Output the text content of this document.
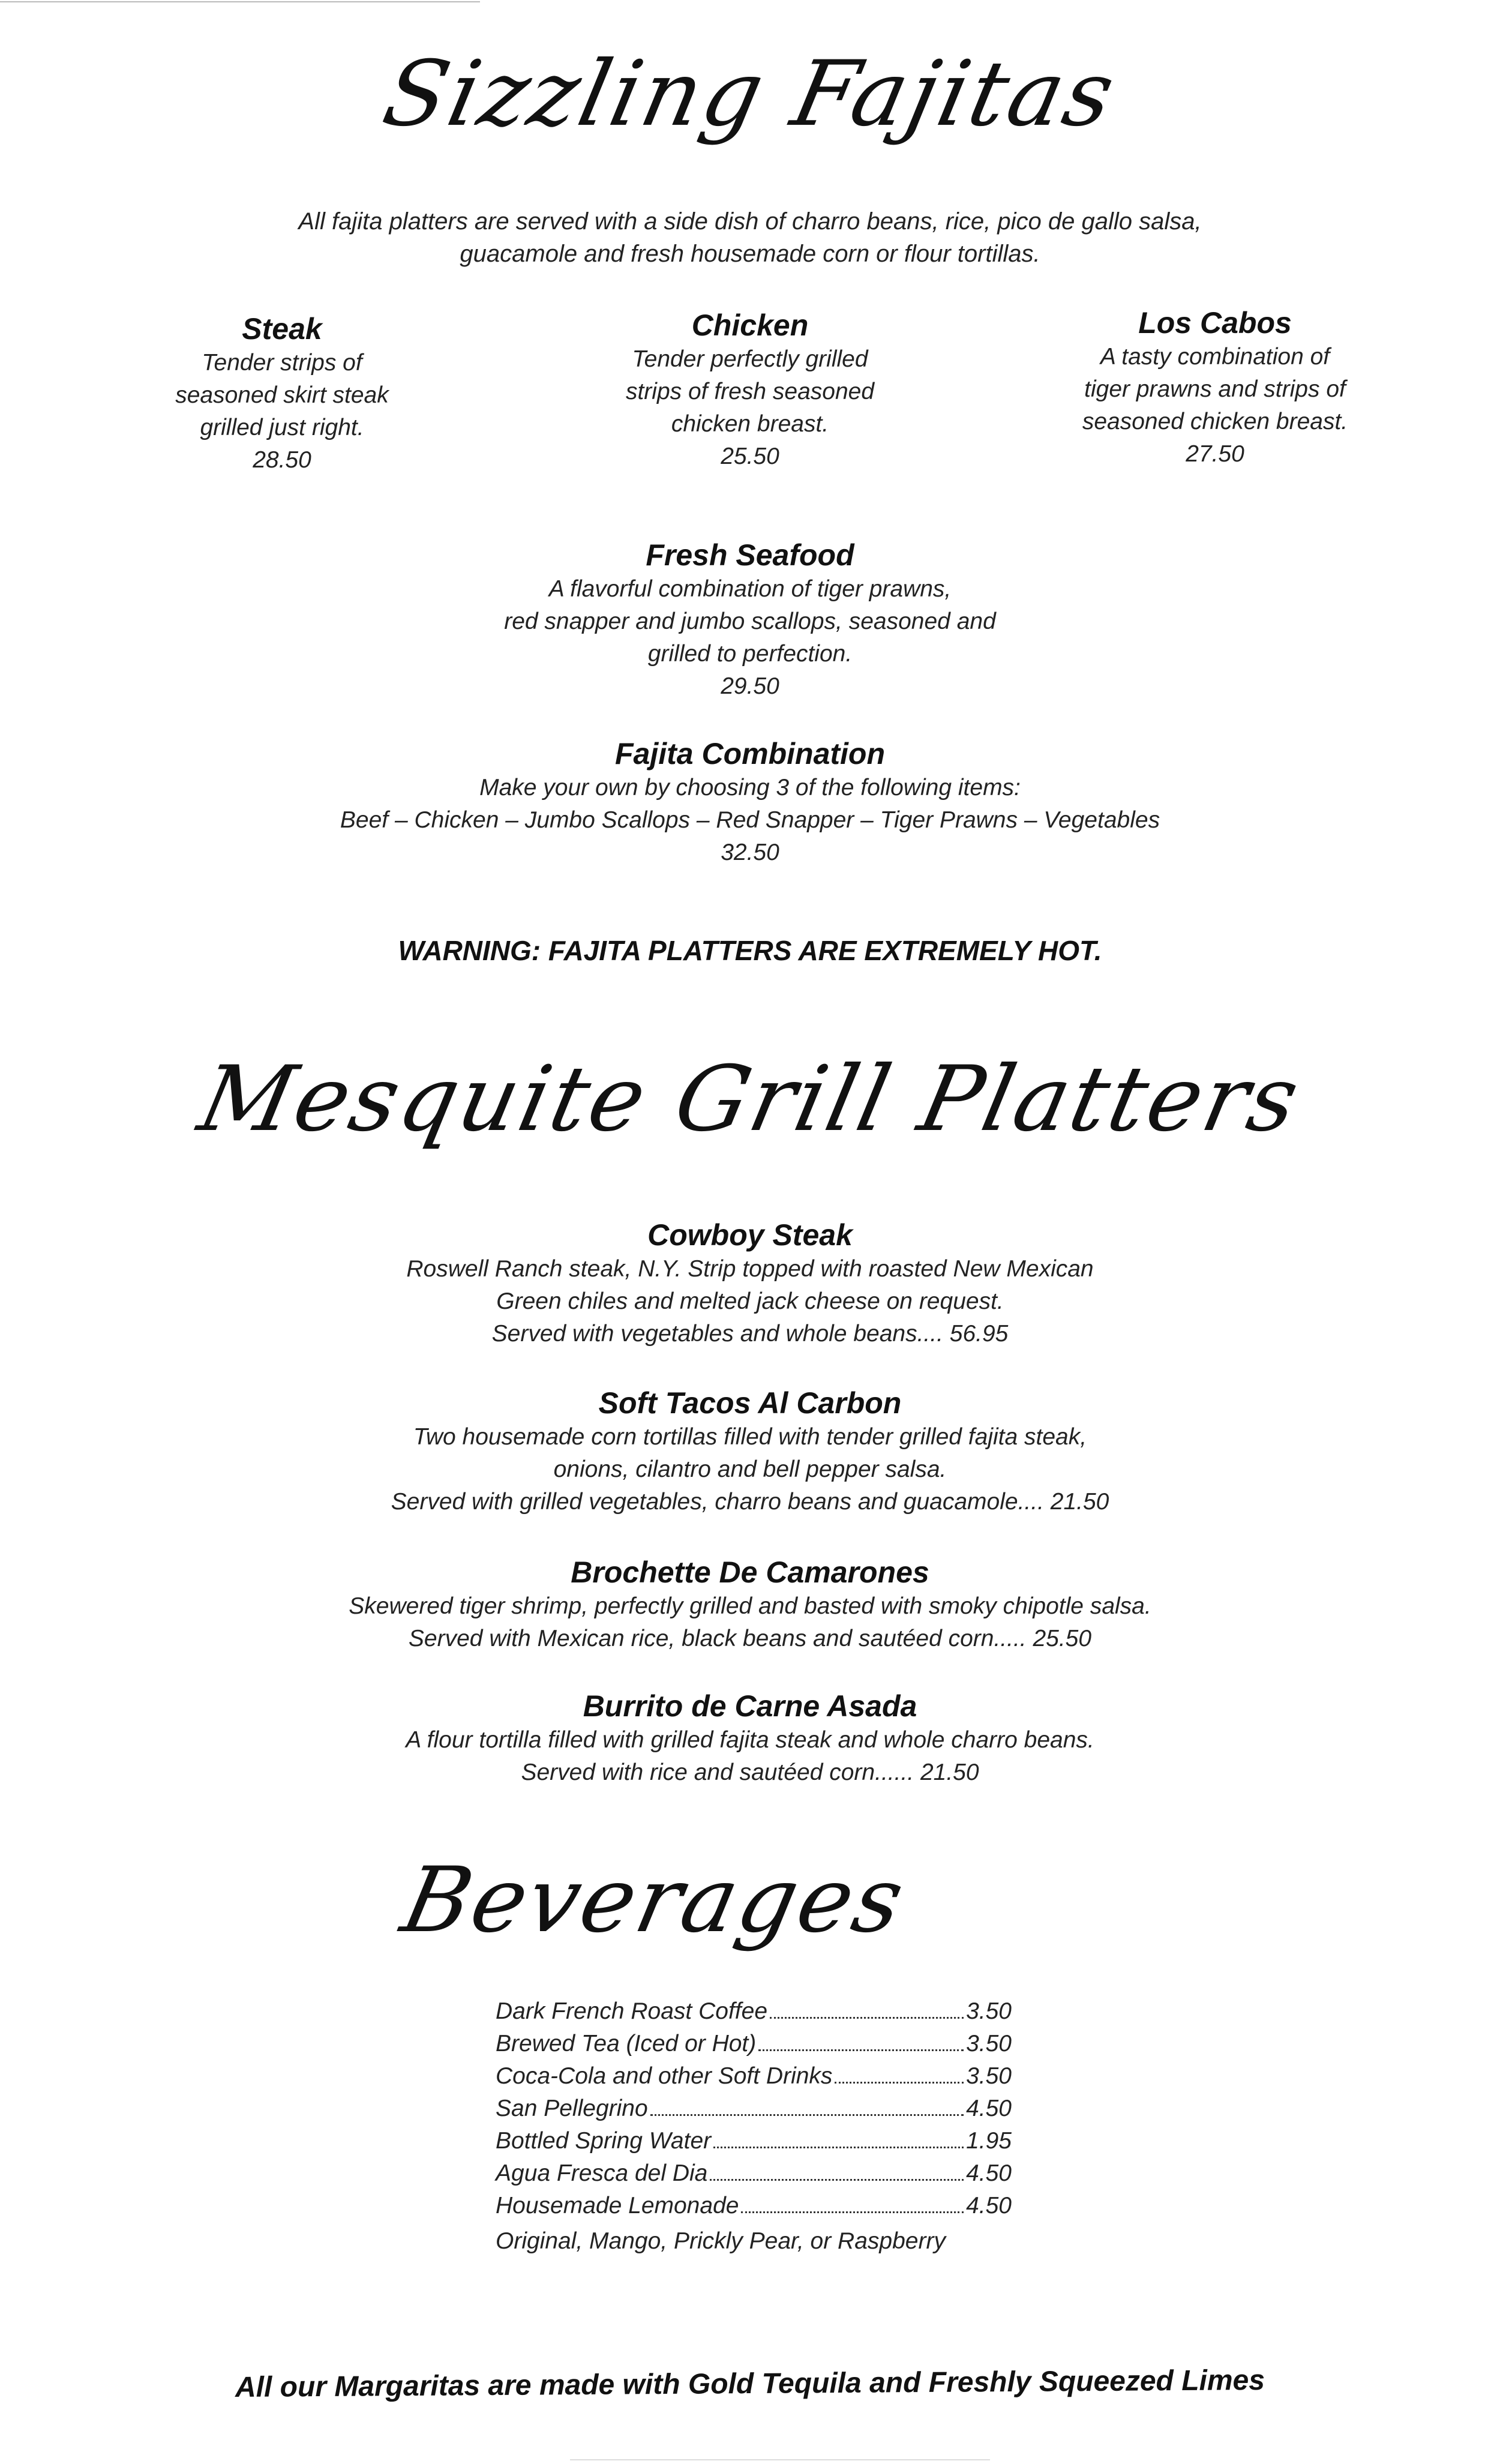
Sizzling Fajitas
All fajita platters are served with a side dish of charro beans, rice, pico de gallo salsa,
guacamole and fresh housemade corn or flour tortillas.
Steak
Tender strips of
seasoned skirt steak
grilled just right.
28.50
Chicken
Tender perfectly grilled
strips of fresh seasoned
chicken breast.
25.50
Los Cabos
A tasty combination of
tiger prawns and strips of
seasoned chicken breast.
27.50
Fresh Seafood
A flavorful combination of tiger prawns,
red snapper and jumbo scallops, seasoned and
grilled to perfection.
29.50
Fajita Combination
Make your own by choosing 3 of the following items:
Beef – Chicken – Jumbo Scallops – Red Snapper – Tiger Prawns – Vegetables
32.50
WARNING: FAJITA PLATTERS ARE EXTREMELY HOT.
Mesquite Grill Platters
Cowboy Steak
Roswell Ranch steak, N.Y. Strip topped with roasted New Mexican
Green chiles and melted jack cheese on request.
Served with vegetables and whole beans.... 56.95
Soft Tacos Al Carbon
Two housemade corn tortillas filled with tender grilled fajita steak,
onions, cilantro and bell pepper salsa.
Served with grilled vegetables, charro beans and guacamole.... 21.50
Brochette De Camarones
Skewered tiger shrimp, perfectly grilled and basted with smoky chipotle salsa.
Served with Mexican rice, black beans and sautéed corn..... 25.50
Burrito de Carne Asada
A flour tortilla filled with grilled fajita steak and whole charro beans.
Served with rice and sautéed corn...... 21.50
Beverages
Dark French Roast Coffee	3.50
Brewed Tea (Iced or Hot)	3.50
Coca-Cola and other Soft Drinks	3.50
San Pellegrino	4.50
Bottled Spring Water	1.95
Agua Fresca del Dia	4.50
Housemade Lemonade	4.50
Original, Mango, Prickly Pear, or Raspberry
All our Margaritas are made with Gold Tequila and Freshly Squeezed Limes
